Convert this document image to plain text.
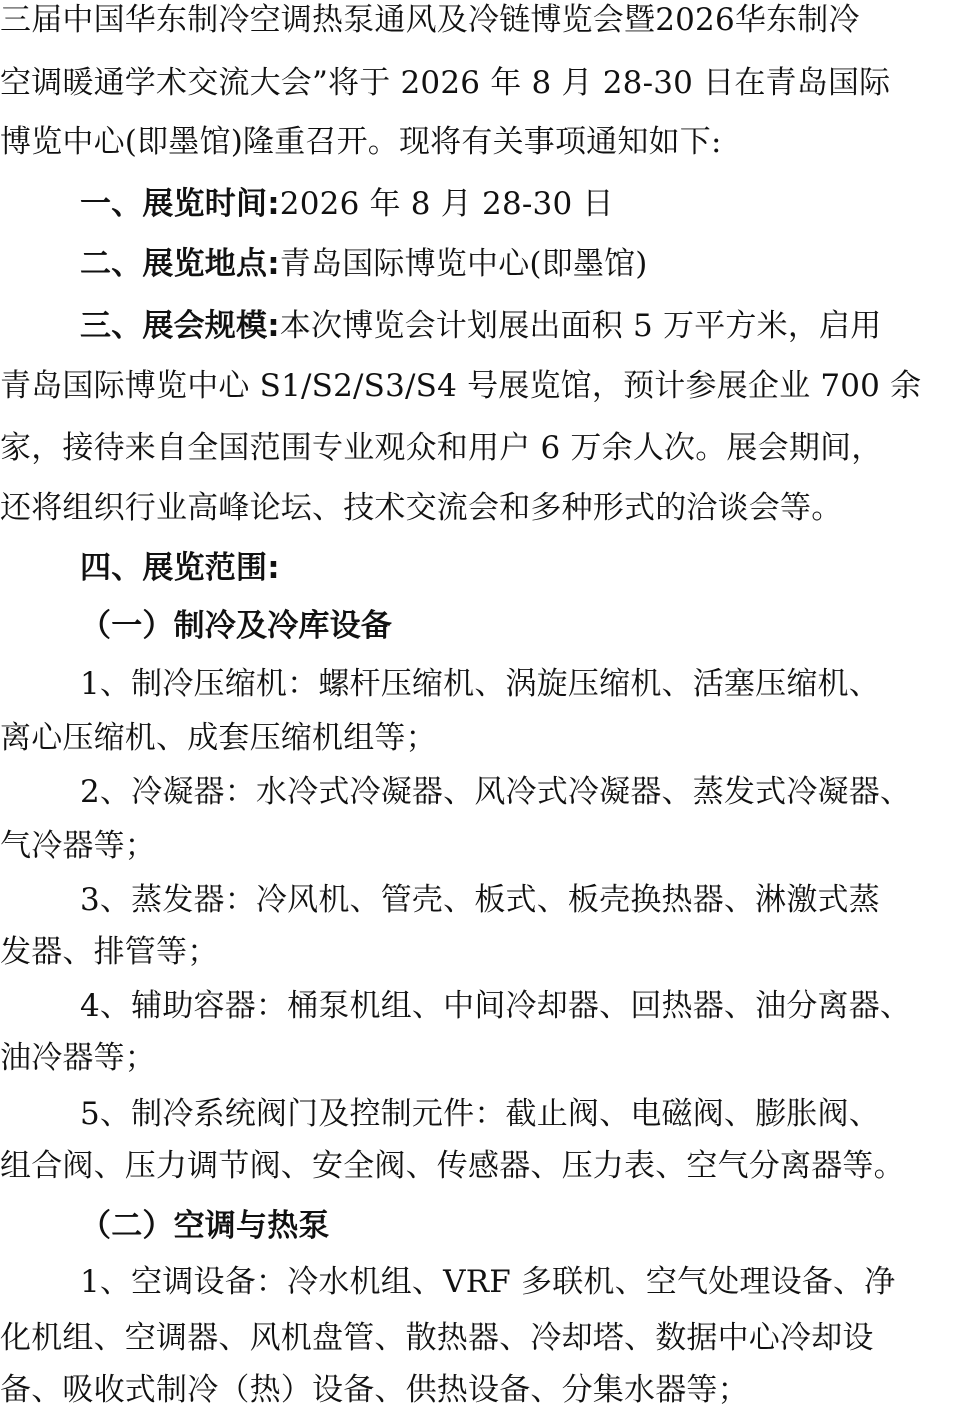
三届中国华东制冷空调热泵通风及冷链博览会暨2026华东制冷
空调暖通学术交流大会”将于 2026 年 8 月 28-30 日在青岛国际
博览中心(即墨馆)隆重召开。现将有关事项通知如下:
一、展览时间:2026 年 8 月 28-30 日
二、展览地点:青岛国际博览中心(即墨馆)
三、展会规模:本次博览会计划展出面积 5 万平方米，启用
青岛国际博览中心 S1/S2/S3/S4 号展览馆，预计参展企业 700 余
家，接待来自全国范围专业观众和用户 6 万余人次。展会期间，
还将组织行业高峰论坛、技术交流会和多种形式的洽谈会等。
四、展览范围:
（一）制冷及冷库设备
1、制冷压缩机：螺杆压缩机、涡旋压缩机、活塞压缩机、
离心压缩机、成套压缩机组等；
2、冷凝器：水冷式冷凝器、风冷式冷凝器、蒸发式冷凝器、
气冷器等；
3、蒸发器：冷风机、管壳、板式、板壳换热器、淋激式蒸
发器、排管等；
4、辅助容器：桶泵机组、中间冷却器、回热器、油分离器、
油冷器等；
5、制冷系统阀门及控制元件：截止阀、电磁阀、膨胀阀、
组合阀、压力调节阀、安全阀、传感器、压力表、空气分离器等。
（二）空调与热泵
1、空调设备：冷水机组、VRF 多联机、空气处理设备、净
化机组、空调器、风机盘管、散热器、冷却塔、数据中心冷却设
备、吸收式制冷（热）设备、供热设备、分集水器等；
